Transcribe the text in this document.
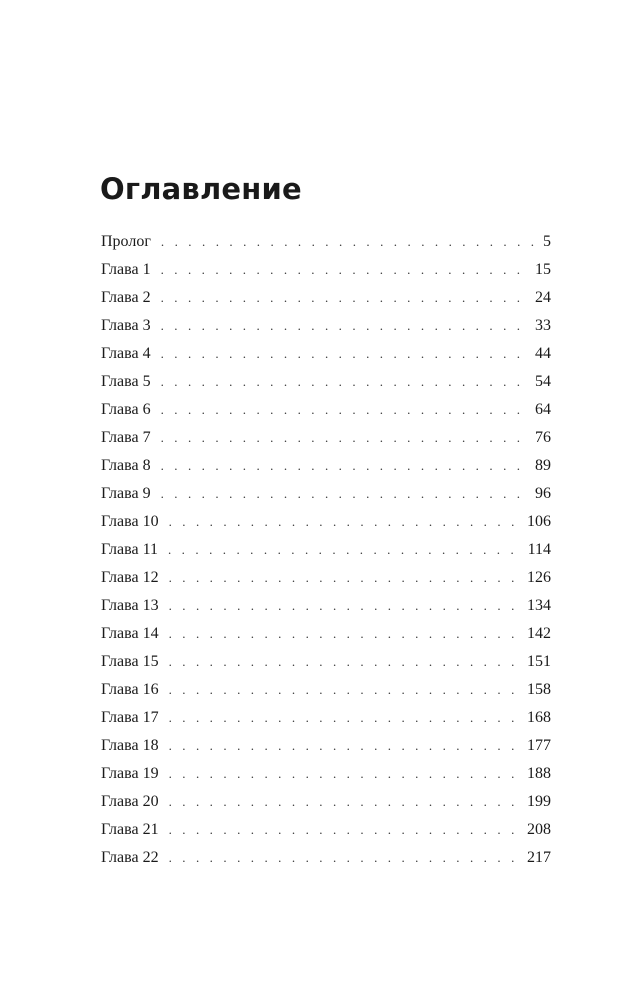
Оглавление
Пролог . . .	5
Глава 1 . . .	15
Глава 2 . . .	24
Глава 3 . . .	33
Глава 4 . . .	44
Глава 5 . . .	54
Глава 6 . . .	64
Глава 7 . . .	76
Глава 8 . . .	89
Глава 9 . . .	96
Глава 10 . . .	106
Глава 11 . . .	114
Глава 12 . . .	126
Глава 13 . . .	134
Глава 14 . . .	142
Глава 15 . . .	151
Глава 16 . . .	158
Глава 17 . . .	168
Глава 18 . . .	177
Глава 19 . . .	188
Глава 20 . . .	199
Глава 21 . . .	208
Глава 22 . . .	217
